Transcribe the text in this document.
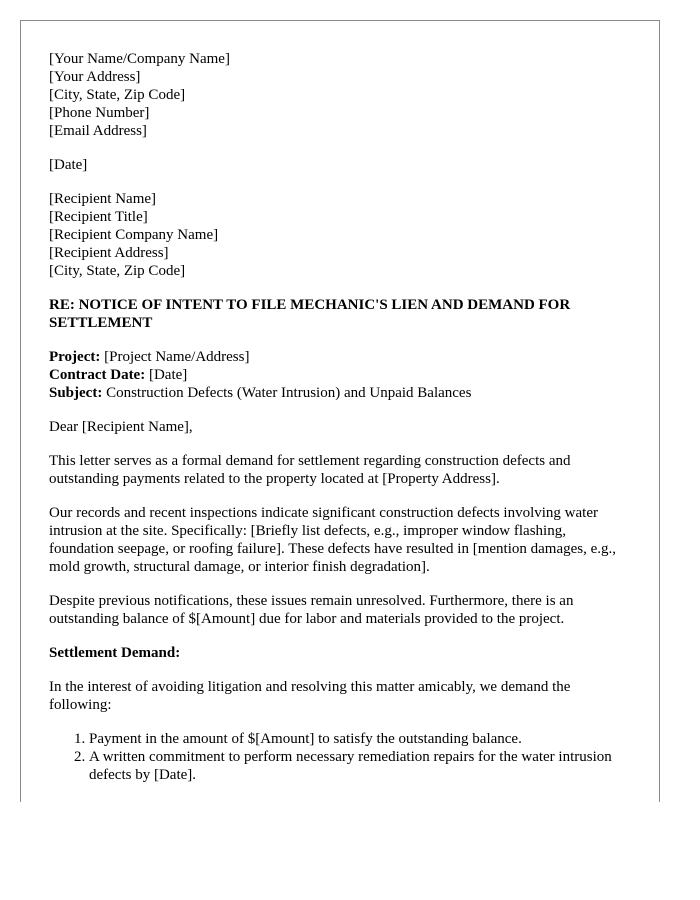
[Your Name/Company Name]
[Your Address]
[City, State, Zip Code]
[Phone Number]
[Email Address]
[Date]
[Recipient Name]
[Recipient Title]
[Recipient Company Name]
[Recipient Address]
[City, State, Zip Code]
RE: NOTICE OF INTENT TO FILE MECHANIC'S LIEN AND DEMAND FOR SETTLEMENT
Project: [Project Name/Address]
Contract Date: [Date]
Subject: Construction Defects (Water Intrusion) and Unpaid Balances

Dear [Recipient Name],

This letter serves as a formal demand for settlement regarding construction defects and outstanding payments related to the property located at [Property Address].

Our records and recent inspections indicate significant construction defects involving water intrusion at the site. Specifically: [Briefly list defects, e.g., improper window flashing, foundation seepage, or roofing failure]. These defects have resulted in [mention damages, e.g., mold growth, structural damage, or interior finish degradation].

Despite previous notifications, these issues remain unresolved. Furthermore, there is an outstanding balance of $[Amount] due for labor and materials provided to the project.

Settlement Demand:

In the interest of avoiding litigation and resolving this matter amicably, we demand the following:

1. Payment in the amount of $[Amount] to satisfy the outstanding balance.
2. A written commitment to perform necessary remediation repairs for the water intrusion defects by [Date].
